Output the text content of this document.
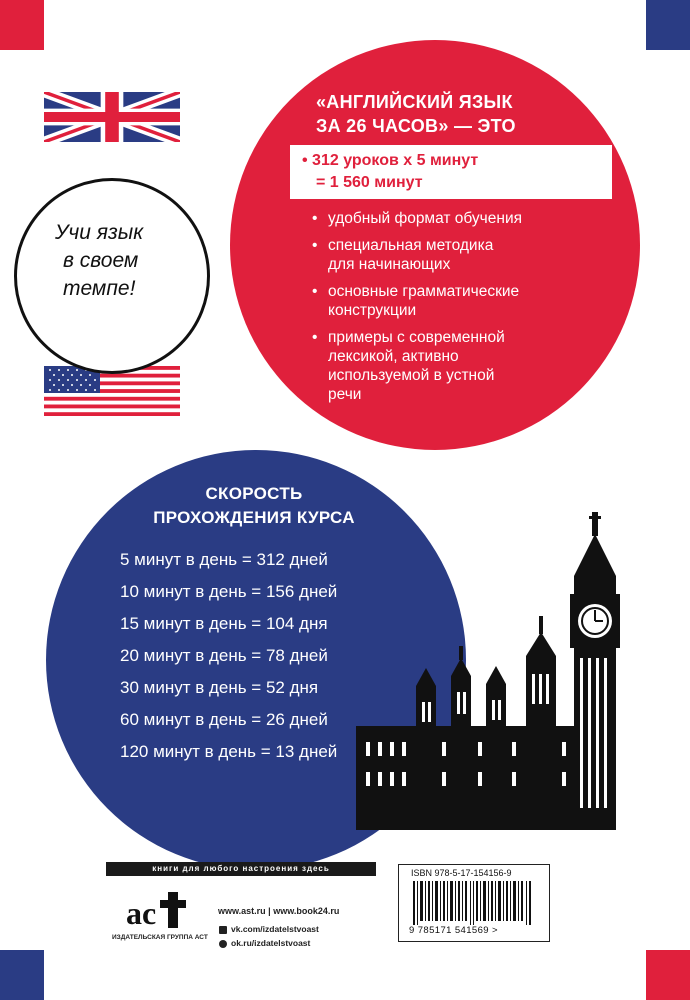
«АНГЛИЙСКИЙ ЯЗЫК
ЗА 26 ЧАСОВ» — ЭТО
• 312 уроков х 5 минут
= 1 560 минут
• удобный формат обучения
• специальная методика
для начинающих
• основные грамматические
конструкции
• примеры с современной
лексикой, активно
используемой в устной
речи
Учи язык
в своем
темпе!
СКОРОСТЬ
ПРОХОЖДЕНИЯ КУРСА
5 минут в день = 312 дней
10 минут в день = 156 дней
15 минут в день = 104 дня
20 минут в день = 78 дней
30 минут в день = 52 дня
60 минут в день = 26 дней
120 минут в день = 13 дней
книги для любого настроения здесь
ас
ИЗДАТЕЛЬСКАЯ ГРУППА АСТ
www.ast.ru | www.book24.ru
vk.com/izdatelstvoast
ok.ru/izdatelstvoast
ISBN 978-5-17-154156-9
9 785171 541569 >
